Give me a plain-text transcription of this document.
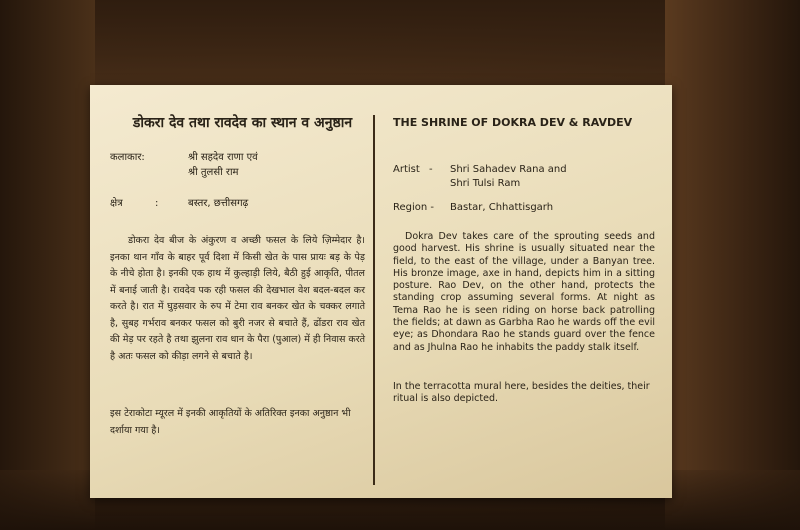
डोकरा देव तथा रावदेव का स्थान व अनुष्ठान
कलाकार:	श्री सहदेव राणा एवं
श्री तुलसी राम
क्षेत्र	:	बस्तर, छत्तीसगढ़
डोकरा देव बीज के अंकुरण व अच्छी फसल के लिये ज़िम्मेदार है। इनका थान गाँव के बाहर पूर्व दिशा में किसी खेत के पास प्रायः बड़ के पेड़ के नीचे होता है। इनकी एक हाथ में कुल्हाड़ी लिये, बैठी हुई आकृति, पीतल में बनाई जाती है। रावदेव पक रही फसल की देखभाल वेश बदल-बदल कर करते है। रात में घुड़सवार के रुप में टेमा राव बनकर खेत के चक्कर लगाते है, सुबह गर्भराव बनकर फसल को बुरी नजर से बचाते हैं, ढोंडरा राव खेत की मेड़ पर रहते है तथा झुलना राव धान के पैरा (पुआल) में ही निवास करते है अतः फसल को कीड़ा लगने से बचाते है।
इस टेराकोटा म्यूरल में इनकी आकृतियों के अतिरिक्त इनका अनुष्ठान भी दर्शाया गया है।
THE SHRINE OF DOKRA DEV & RAVDEV
Artist - Shri Sahadev Rana and
Shri Tulsi Ram
Region - Bastar, Chhattisgarh
Dokra Dev takes care of the sprouting seeds and good harvest. His shrine is usually situated near the field, to the east of the village, under a Banyan tree. His bronze image, axe in hand, depicts him in a sitting posture. Rao Dev, on the other hand, protects the standing crop assuming several forms. At night as Tema Rao he is seen riding on horse back patrolling the fields; at dawn as Garbha Rao he wards off the evil eye; as Dhondara Rao he stands guard over the fence and as Jhulna Rao he inhabits the paddy stalk itself.
In the terracotta mural here, besides the deities, their ritual is also depicted.
